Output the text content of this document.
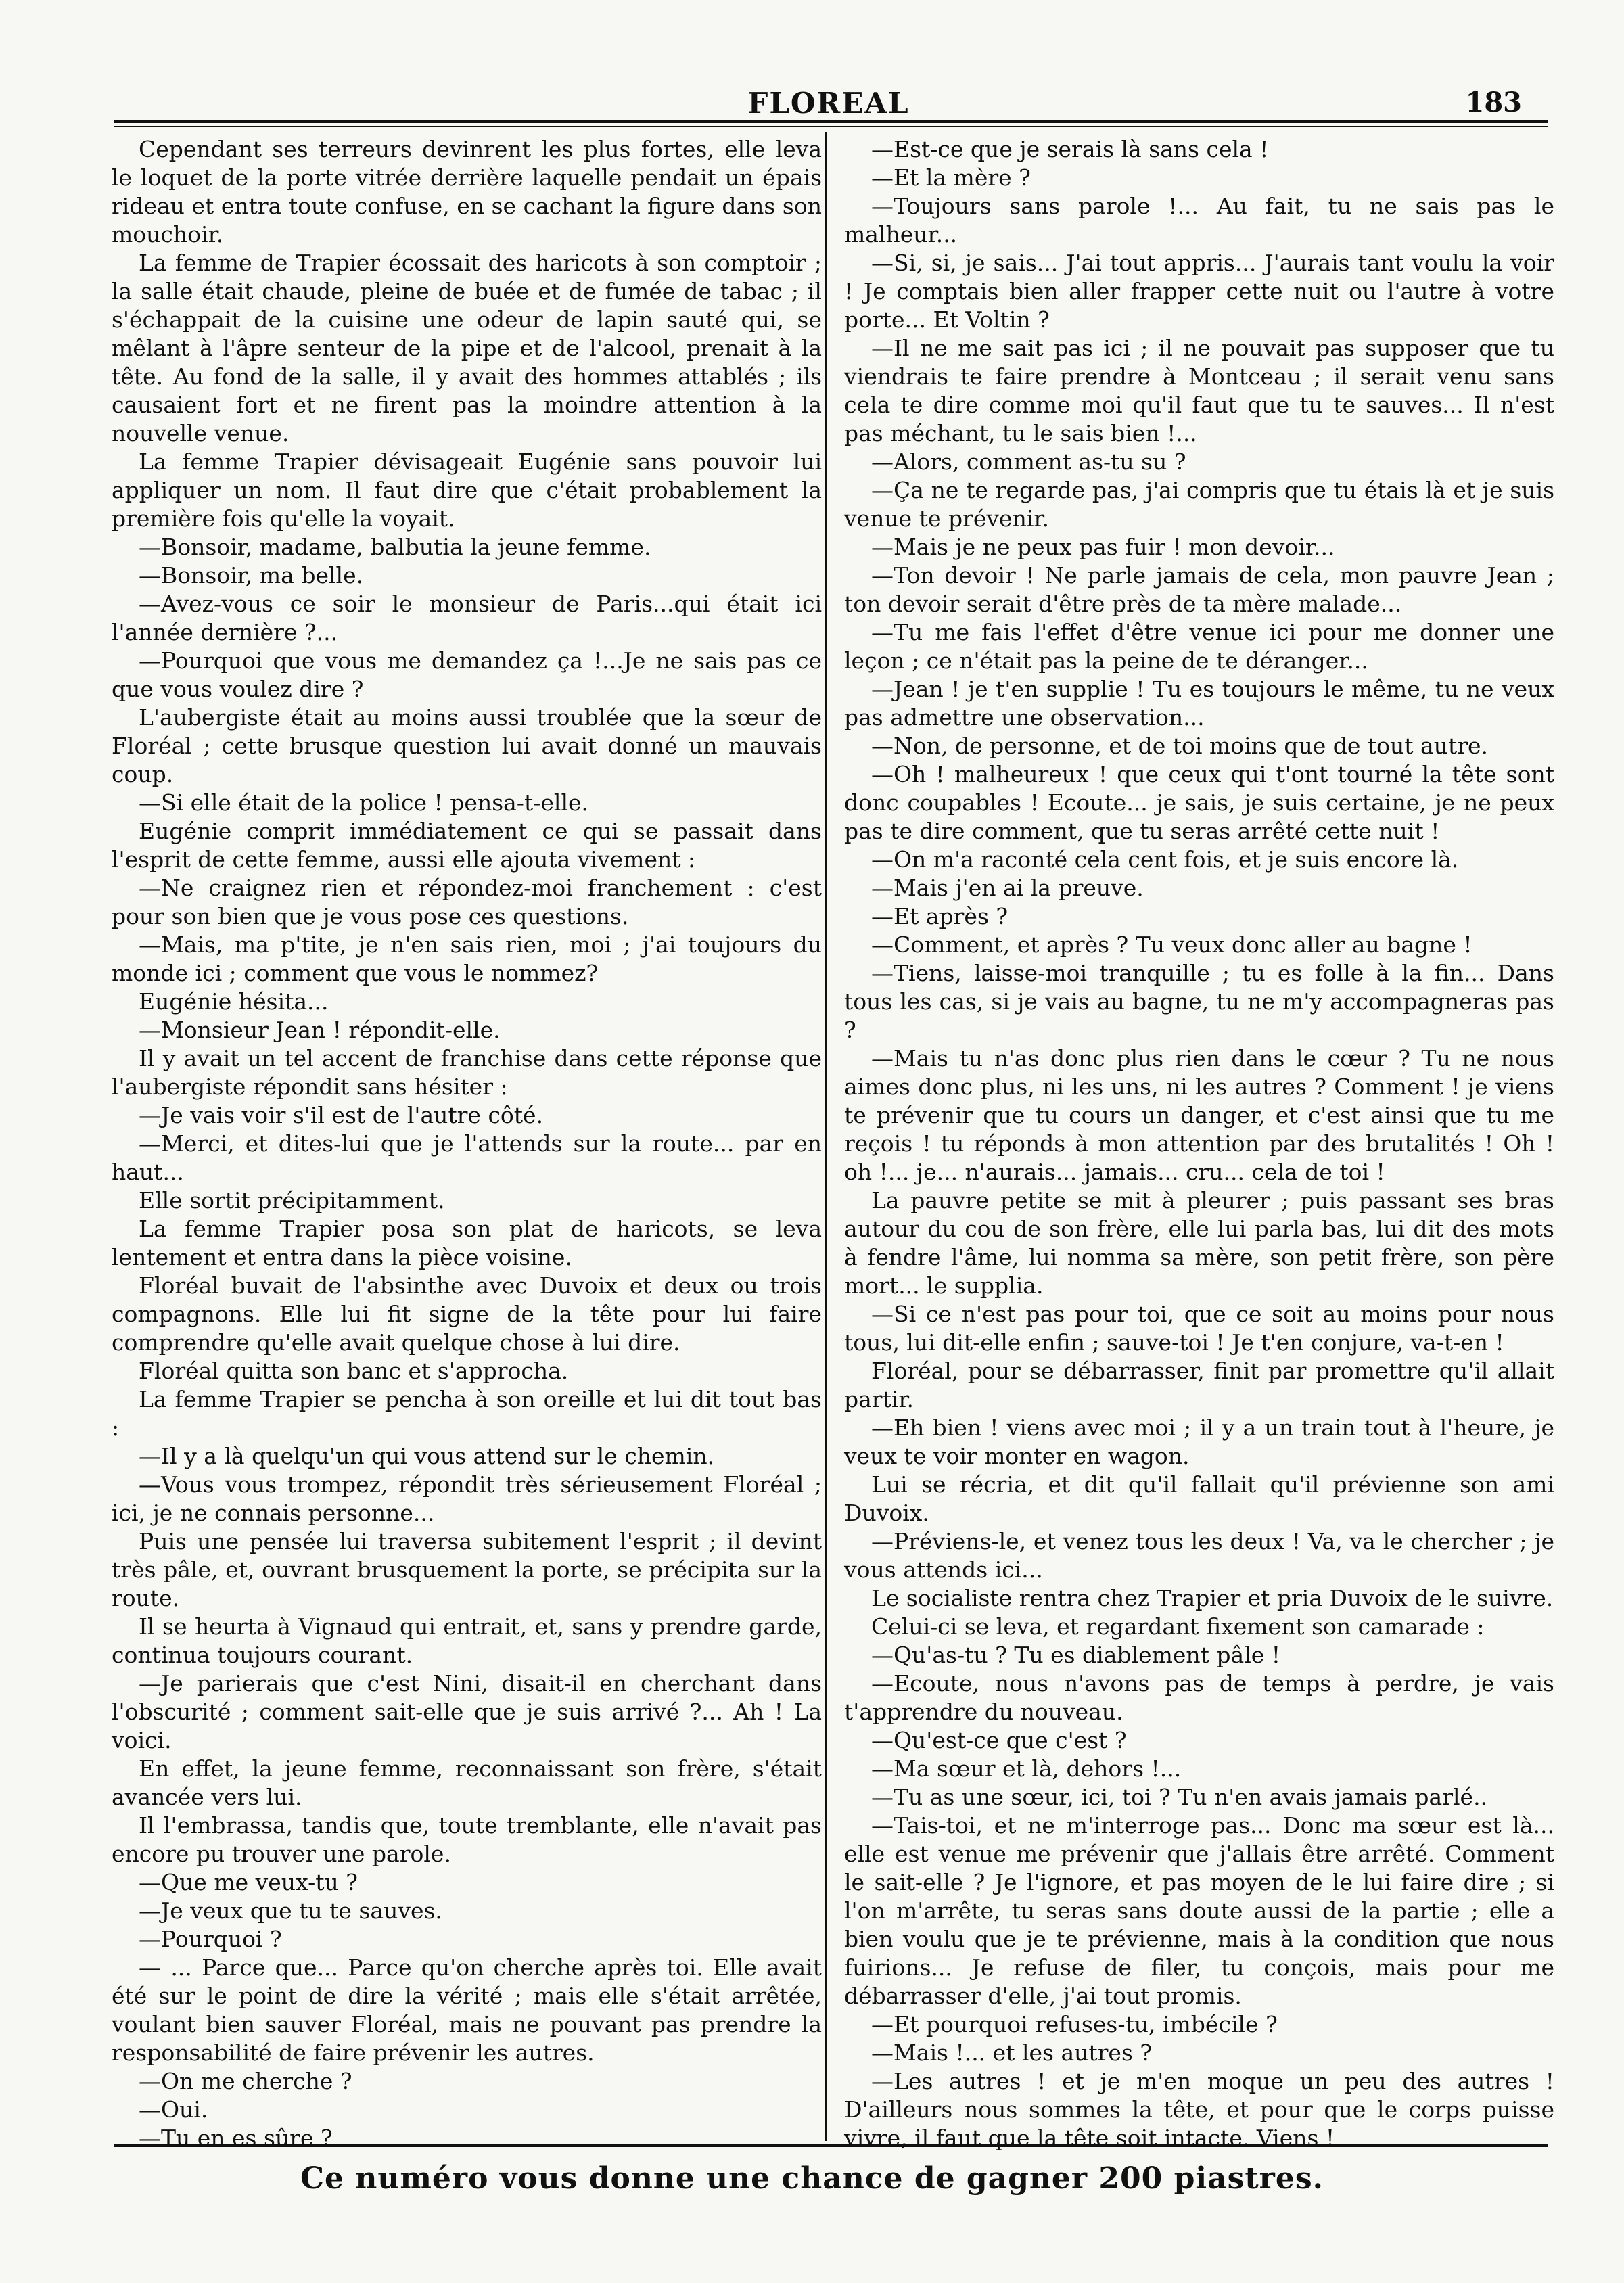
FLOREAL	183

Cependant ses terreurs devinrent les plus fortes, elle leva le loquet de la porte vitrée derrière laquelle pendait un épais rideau et entra toute confuse, en se cachant la figure dans son mouchoir.

La femme de Trapier écossait des haricots à son comptoir ; la salle était chaude, pleine de buée et de fumée de tabac ; il s'échappait de la cuisine une odeur de lapin sauté qui, se mêlant à l'âpre senteur de la pipe et de l'alcool, prenait à la tête. Au fond de la salle, il y avait des hommes attablés ; ils causaient fort et ne firent pas la moindre attention à la nouvelle venue.

La femme Trapier dévisageait Eugénie sans pouvoir lui appliquer un nom. Il faut dire que c'était probablement la première fois qu'elle la voyait.

—Bonsoir, madame, balbutia la jeune femme.

—Bonsoir, ma belle.

—Avez-vous ce soir le monsieur de Paris...qui était ici l'année dernière ?...

—Pourquoi que vous me demandez ça !...Je ne sais pas ce que vous voulez dire ?

L'aubergiste était au moins aussi troublée que la sœur de Floréal ; cette brusque question lui avait donné un mauvais coup.

—Si elle était de la police ! pensa-t-elle.

Eugénie comprit immédiatement ce qui se passait dans l'esprit de cette femme, aussi elle ajouta vivement :

—Ne craignez rien et répondez-moi franchement : c'est pour son bien que je vous pose ces questions.

—Mais, ma p'tite, je n'en sais rien, moi ; j'ai toujours du monde ici ; comment que vous le nommez?

Eugénie hésita...

—Monsieur Jean ! répondit-elle.

Il y avait un tel accent de franchise dans cette réponse que l'aubergiste répondit sans hésiter :

—Je vais voir s'il est de l'autre côté.

—Merci, et dites-lui que je l'attends sur la route... par en haut...

Elle sortit précipitamment.

La femme Trapier posa son plat de haricots, se leva lentement et entra dans la pièce voisine.

Floréal buvait de l'absinthe avec Duvoix et deux ou trois compagnons. Elle lui fit signe de la tête pour lui faire comprendre qu'elle avait quelque chose à lui dire.

Floréal quitta son banc et s'approcha.

La femme Trapier se pencha à son oreille et lui dit tout bas :

—Il y a là quelqu'un qui vous attend sur le chemin.

—Vous vous trompez, répondit très sérieusement Floréal ; ici, je ne connais personne...

Puis une pensée lui traversa subitement l'esprit ; il devint très pâle, et, ouvrant brusquement la porte, se précipita sur la route.

Il se heurta à Vignaud qui entrait, et, sans y prendre garde, continua toujours courant.

—Je parierais que c'est Nini, disait-il en cherchant dans l'obscurité ; comment sait-elle que je suis arrivé ?... Ah ! La voici.

En effet, la jeune femme, reconnaissant son frère, s'était avancée vers lui.

Il l'embrassa, tandis que, toute tremblante, elle n'avait pas encore pu trouver une parole.

—Que me veux-tu ?

—Je veux que tu te sauves.

—Pourquoi ?

— ... Parce que... Parce qu'on cherche après toi. Elle avait été sur le point de dire la vérité ; mais elle s'était arrêtée, voulant bien sauver Floréal, mais ne pouvant pas prendre la responsabilité de faire prévenir les autres.

—On me cherche ?

—Oui.

—Tu en es sûre ?

—Est-ce que je serais là sans cela !

—Et la mère ?

—Toujours sans parole !... Au fait, tu ne sais pas le malheur...

—Si, si, je sais... J'ai tout appris... J'aurais tant voulu la voir ! Je comptais bien aller frapper cette nuit ou l'autre à votre porte... Et Voltin ?

—Il ne me sait pas ici ; il ne pouvait pas supposer que tu viendrais te faire prendre à Montceau ; il serait venu sans cela te dire comme moi qu'il faut que tu te sauves... Il n'est pas méchant, tu le sais bien !...

—Alors, comment as-tu su ?

—Ça ne te regarde pas, j'ai compris que tu étais là et je suis venue te prévenir.

—Mais je ne peux pas fuir ! mon devoir...

—Ton devoir ! Ne parle jamais de cela, mon pauvre Jean ; ton devoir serait d'être près de ta mère malade...

—Tu me fais l'effet d'être venue ici pour me donner une leçon ; ce n'était pas la peine de te déranger...

—Jean ! je t'en supplie ! Tu es toujours le même, tu ne veux pas admettre une observation...

—Non, de personne, et de toi moins que de tout autre.

—Oh ! malheureux ! que ceux qui t'ont tourné la tête sont donc coupables ! Ecoute... je sais, je suis certaine, je ne peux pas te dire comment, que tu seras arrêté cette nuit !

—On m'a raconté cela cent fois, et je suis encore là.

—Mais j'en ai la preuve.

—Et après ?

—Comment, et après ? Tu veux donc aller au bagne !

—Tiens, laisse-moi tranquille ; tu es folle à la fin... Dans tous les cas, si je vais au bagne, tu ne m'y accompagneras pas ?

—Mais tu n'as donc plus rien dans le cœur ? Tu ne nous aimes donc plus, ni les uns, ni les autres ? Comment ! je viens te prévenir que tu cours un danger, et c'est ainsi que tu me reçois ! tu réponds à mon attention par des brutalités ! Oh ! oh !... je... n'aurais... jamais... cru... cela de toi !

La pauvre petite se mit à pleurer ; puis passant ses bras autour du cou de son frère, elle lui parla bas, lui dit des mots à fendre l'âme, lui nomma sa mère, son petit frère, son père mort... le supplia.

—Si ce n'est pas pour toi, que ce soit au moins pour nous tous, lui dit-elle enfin ; sauve-toi ! Je t'en conjure, va-t-en !

Floréal, pour se débarrasser, finit par promettre qu'il allait partir.

—Eh bien ! viens avec moi ; il y a un train tout à l'heure, je veux te voir monter en wagon.

Lui se récria, et dit qu'il fallait qu'il prévienne son ami Duvoix.

—Préviens-le, et venez tous les deux ! Va, va le chercher ; je vous attends ici...

Le socialiste rentra chez Trapier et pria Duvoix de le suivre.

Celui-ci se leva, et regardant fixement son camarade :

—Qu'as-tu ? Tu es diablement pâle !

—Ecoute, nous n'avons pas de temps à perdre, je vais t'apprendre du nouveau.

—Qu'est-ce que c'est ?

—Ma sœur et là, dehors !...

—Tu as une sœur, ici, toi ? Tu n'en avais jamais parlé..

—Tais-toi, et ne m'interroge pas... Donc ma sœur est là... elle est venue me prévenir que j'allais être arrêté. Comment le sait-elle ? Je l'ignore, et pas moyen de le lui faire dire ; si l'on m'arrête, tu seras sans doute aussi de la partie ; elle a bien voulu que je te prévienne, mais à la condition que nous fuirions... Je refuse de filer, tu conçois, mais pour me débarrasser d'elle, j'ai tout promis.

—Et pourquoi refuses-tu, imbécile ?

—Mais !... et les autres ?

—Les autres ! et je m'en moque un peu des autres ! D'ailleurs nous sommes la tête, et pour que le corps puisse vivre, il faut que la tête soit intacte. Viens !

Ce numéro vous donne une chance de gagner 200 piastres.
